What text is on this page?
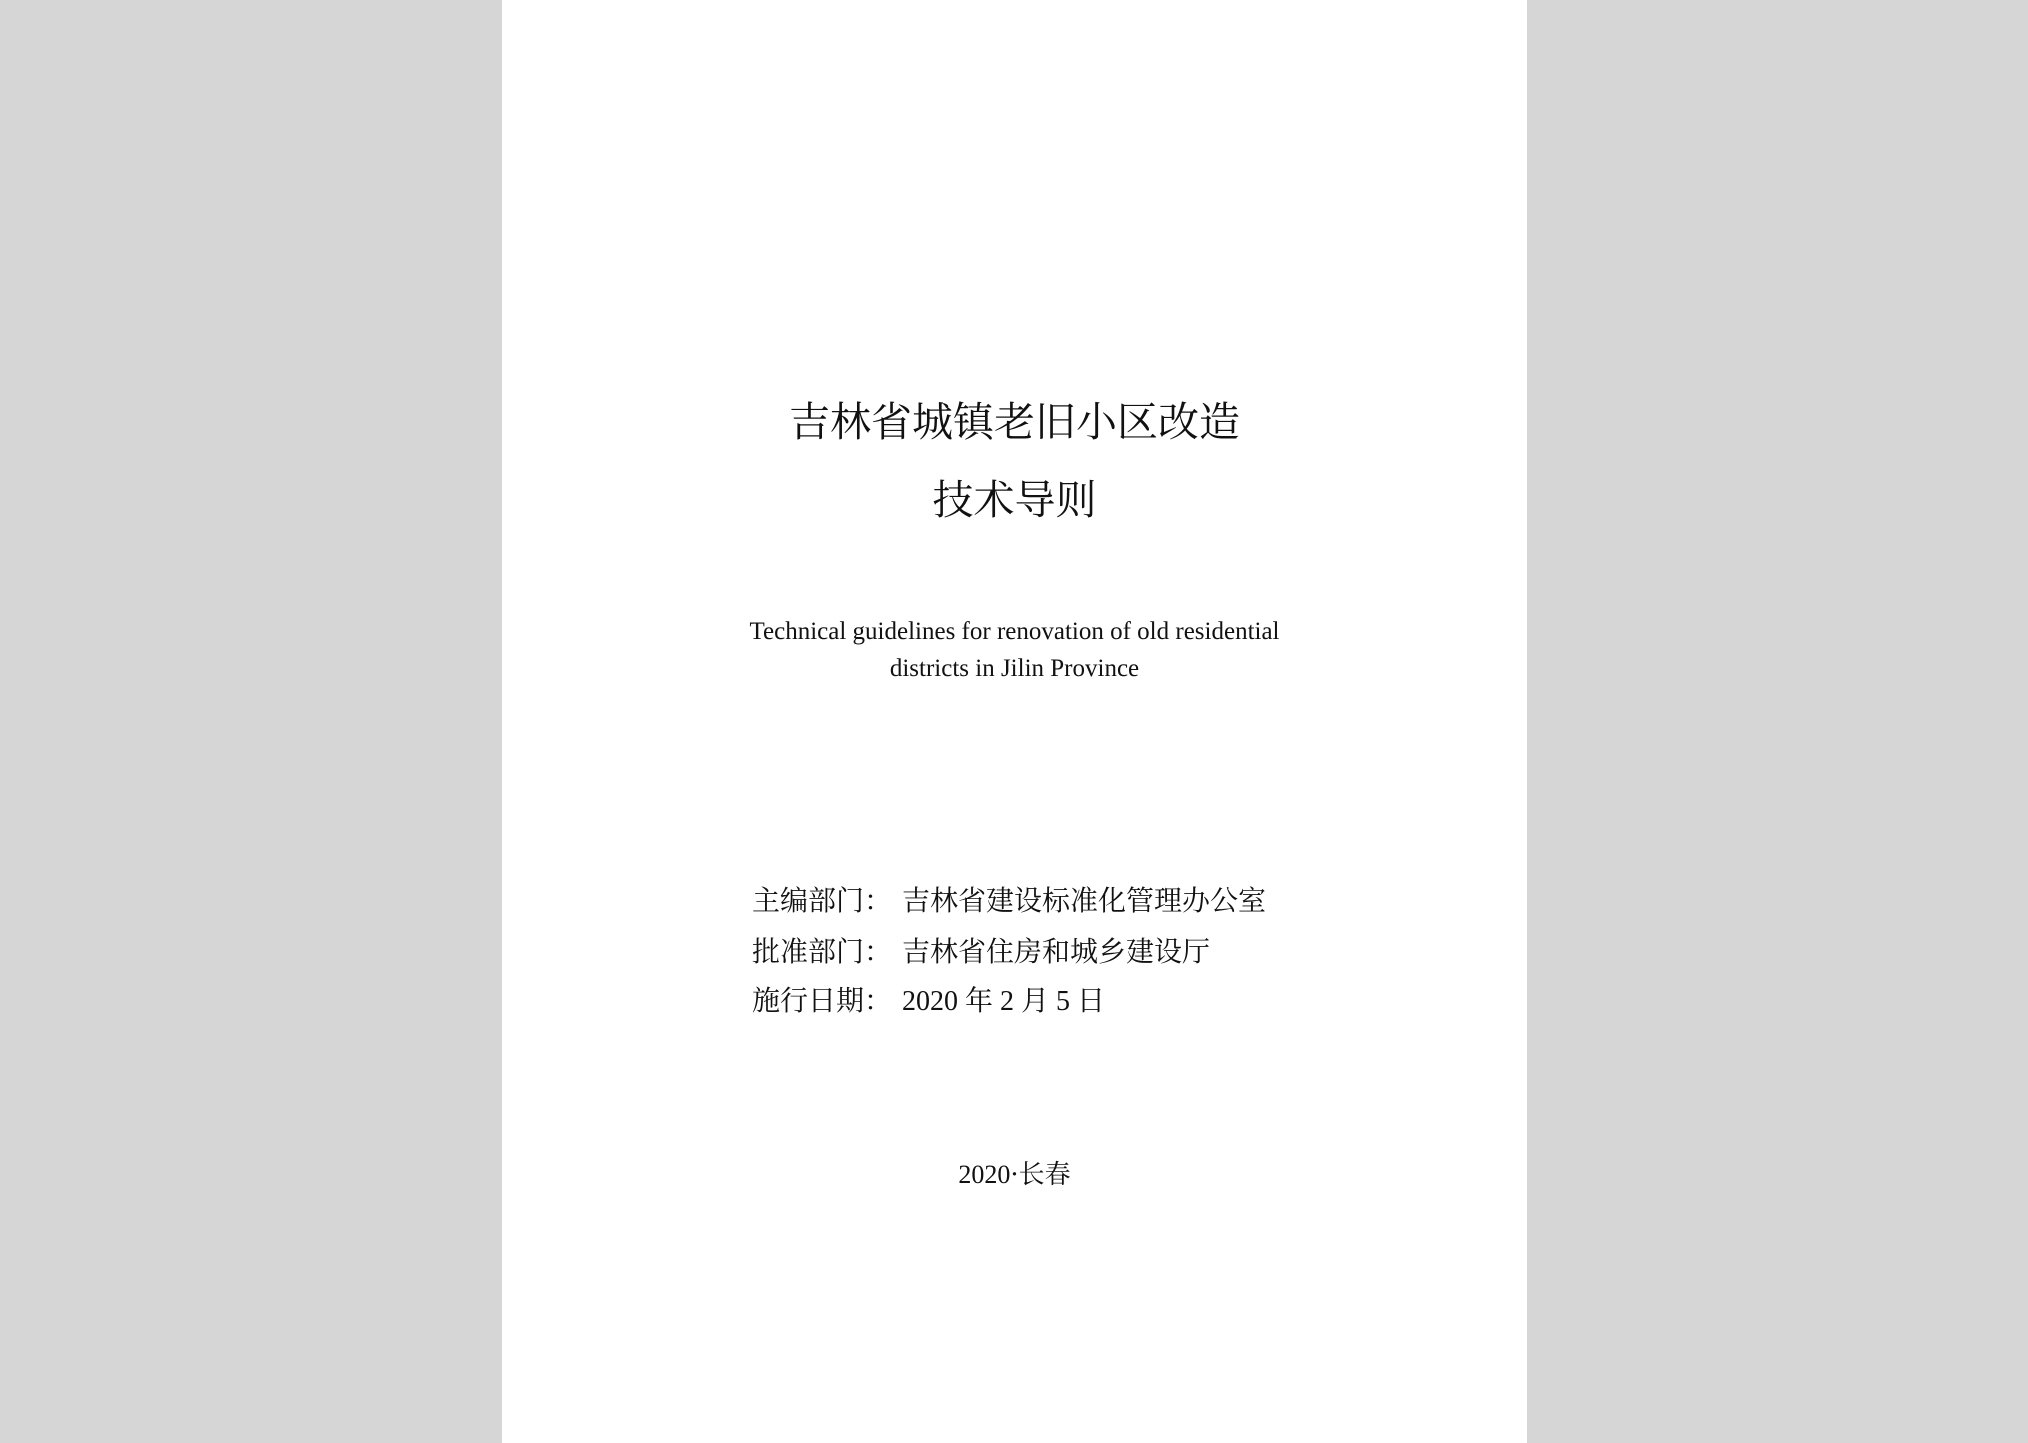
吉林省城镇老旧小区改造
技术导则
Technical guidelines for renovation of old residential
districts in Jilin Province
主编部门： 吉林省建设标准化管理办公室
批准部门： 吉林省住房和城乡建设厅
施行日期： 2020 年 2 月 5 日
2020·长春
